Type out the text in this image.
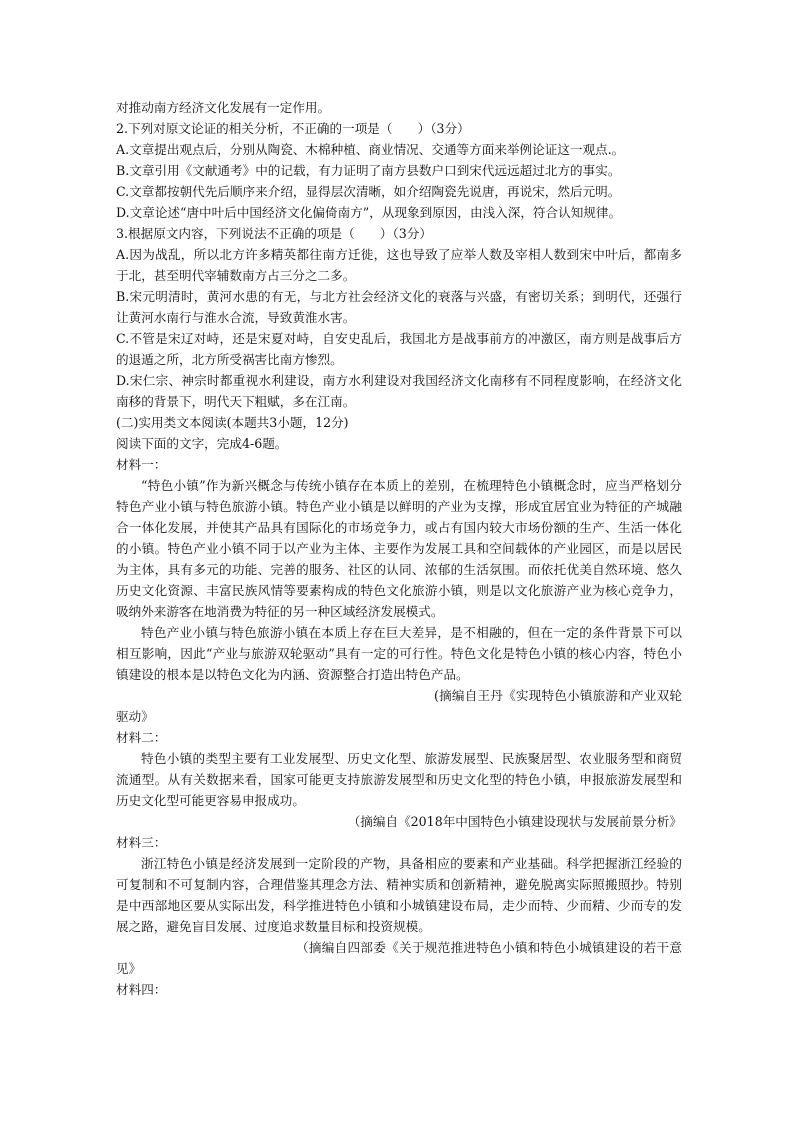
对推动南方经济文化发展有一定作用。
2.下列对原文论证的相关分析，不正确的一项是（　　）（3分）
A.文章提出观点后，分别从陶瓷、木棉种植、商业情况、交通等方面来举例论证这一观点.。
B.文章引用《文献通考》中的记载，有力证明了南方县数户口到宋代远远超过北方的事实。
C.文章都按朝代先后顺序来介绍，显得层次清晰，如介绍陶瓷先说唐，再说宋，然后元明。
D.文章论述“唐中叶后中国经济文化偏倚南方”，从现象到原因，由浅入深，符合认知规律。
3.根据原文内容，下列说法不正确的项是（　　）（3分）

A.因为战乱，所以北方许多精英都往南方迁徙，这也导致了应举人数及宰相人数到宋中叶后，都南多于北，甚至明代宰辅数南方占三分之二多。

B.宋元明清时，黄河水患的有无，与北方社会经济文化的衰落与兴盛，有密切关系；到明代，还强行让黄河水南行与淮水合流，导致黄淮水害。

C.不管是宋辽对峙，还是宋夏对峙，自安史乱后，我国北方是战事前方的冲激区，南方则是战事后方的退遁之所，北方所受祸害比南方惨烈。

D.宋仁宗、神宗时都重视水利建设，南方水利建设对我国经济文化南移有不同程度影响，在经济文化南移的背景下，明代天下粗赋，多在江南。

(二)实用类文本阅读(本题共3小题，12分)
阅读下面的文字，完成4-6题。
材料一：

“特色小镇”作为新兴概念与传统小镇存在本质上的差别，在梳理特色小镇概念时，应当严格划分特色产业小镇与特色旅游小镇。特色产业小镇是以鲜明的产业为支撑，形成宜居宜业为特征的产城融合一体化发展，并使其产品具有国际化的市场竞争力，或占有国内较大市场份额的生产、生活一体化的小镇。特色产业小镇不同于以产业为主体、主要作为发展工具和空间载体的产业园区，而是以居民为主体，具有多元的功能、完善的服务、社区的认同、浓郁的生活氛围。而依托优美自然环境、悠久历史文化资源、丰富民族风情等要素构成的特色文化旅游小镇，则是以文化旅游产业为核心竞争力，吸纳外来游客在地消费为特征的另一种区域经济发展模式。

特色产业小镇与特色旅游小镇在本质上存在巨大差异，是不相融的，但在一定的条件背景下可以相互影响，因此“产业与旅游双轮驱动”具有一定的可行性。特色文化是特色小镇的核心内容，特色小镇建设的根本是以特色文化为内涵、资源整合打造出特色产品。

(摘编自王丹《实现特色小镇旅游和产业双轮驱动》
材料二：

特色小镇的类型主要有工业发展型、历史文化型、旅游发展型、民族聚居型、农业服务型和商贸流通型。从有关数据来看，国家可能更支持旅游发展型和历史文化型的特色小镇，申报旅游发展型和历史文化型可能更容易申报成功。

（摘编自《2018年中国特色小镇建设现状与发展前景分析》
材料三：

浙江特色小镇是经济发展到一定阶段的产物，具备相应的要素和产业基础。科学把握浙江经验的可复制和不可复制内容，合理借鉴其理念方法、精神实质和创新精神，避免脱离实际照搬照抄。特别是中西部地区要从实际出发，科学推进特色小镇和小城镇建设布局，走少而特、少而精、少而专的发展之路，避免盲目发展、过度追求数量目标和投资规模。

（摘编自四部委《关于规范推进特色小镇和特色小城镇建设的若干意见》
材料四：
